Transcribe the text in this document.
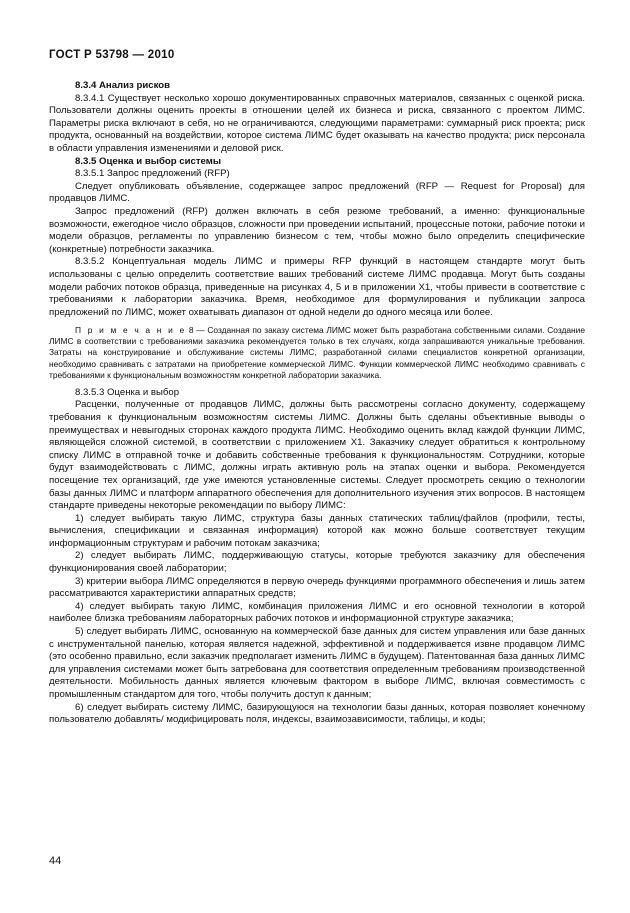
ГОСТ Р 53798 — 2010

8.3.4 Анализ рисков

8.3.4.1 Существует несколько хорошо документированных справочных материалов, связанных с оценкой риска. Пользователи должны оценить проекты в отношении целей их бизнеса и риска, связанного с проектом ЛИМС. Параметры риска включают в себя, но не ограничиваются, следующими параметрами: суммарный риск проекта; риск продукта, основанный на воздействии, которое система ЛИМС будет оказывать на качество продукта; риск персонала в области управления изменениями и деловой риск.

8.3.5 Оценка и выбор системы

8.3.5.1 Запрос предложений (RFP)

Следует опубликовать объявление, содержащее запрос предложений (RFP — Request for Proposal) для продавцов ЛИМС.

Запрос предложений (RFP) должен включать в себя резюме требований, а именно: функциональные возможности, ежегодное число образцов, сложности при проведении испытаний, процессные потоки, рабочие потоки и модели образцов, регламенты по управлению бизнесом с тем, чтобы можно было определить специфические (конкретные) потребности заказчика.

8.3.5.2 Концептуальная модель ЛИМС и примеры RFP функций в настоящем стандарте могут быть использованы с целью определить соответствие ваших требований системе ЛИМС продавца. Могут быть созданы модели рабочих потоков образца, приведенные на рисунках 4, 5 и в приложении Х1, чтобы привести в соответствие с требованиями к лаборатории заказчика. Время, необходимое для формулирования и публикации запроса предложений по ЛИМС, может охватывать диапазон от одной недели до одного месяца или более.

П р и м е ч а н и е 8 — Созданная по заказу система ЛИМС может быть разработана собственными силами. Создание ЛИМС в соответствии с требованиями заказчика рекомендуется только в тех случаях, когда запрашиваются уникальные требования. Затраты на конструирование и обслуживание системы ЛИМС, разработанной силами специалистов конкретной организации, необходимо сравнивать с затратами на приобретение коммерческой ЛИМС. Функции коммерческой ЛИМС необходимо сравнивать с требованиями к функциональным возможностям конкретной лаборатории заказчика.

8.3.5.3 Оценка и выбор

Расценки, полученные от продавцов ЛИМС, должны быть рассмотрены согласно документу, содержащему требования к функциональным возможностям системы ЛИМС. Должны быть сделаны объективные выводы о преимуществах и невыгодных сторонах каждого продукта ЛИМС. Необходимо оценить вклад каждой функции ЛИМС, являющейся сложной системой, в соответствии с приложением Х1. Заказчику следует обратиться к контрольному списку ЛИМС в отправной точке и добавить собственные требования к функциональностям. Сотрудники, которые будут взаимодействовать с ЛИМС, должны играть активную роль на этапах оценки и выбора. Рекомендуется посещение тех организаций, где уже имеются установленные системы. Следует просмотреть секцию о технологии базы данных ЛИМС и платформ аппаратного обеспечения для дополнительного изучения этих вопросов. В настоящем стандарте приведены некоторые рекомендации по выбору ЛИМС:

1) следует выбирать такую ЛИМС, структура базы данных статических таблиц/файлов (профили, тесты, вычисления, спецификации и связанная информация) которой как можно больше соответствует текущим информационным структурам и рабочим потокам заказчика;

2) следует выбирать ЛИМС, поддерживающую статусы, которые требуются заказчику для обеспечения функционирования своей лаборатории;

3) критерии выбора ЛИМС определяются в первую очередь функциями программного обеспечения и лишь затем рассматриваются характеристики аппаратных средств;

4) следует выбирать такую ЛИМС, комбинация приложения ЛИМС и его основной технологии в которой наиболее близка требованиям лабораторных рабочих потоков и информационной структуре заказчика;

5) следует выбирать ЛИМС, основанную на коммерческой базе данных для систем управления или базе данных с инструментальной панелью, которая является надежной, эффективной и поддерживается извне продавцом ЛИМС (это особенно правильно, если заказчик предполагает изменить ЛИМС в будущем). Патентованная база данных ЛИМС для управления системами может быть затребована для соответствия определенным требованиям производственной деятельности. Мобильность данных является ключевым фактором в выборе ЛИМС, включая совместимость с промышленным стандартом для того, чтобы получить доступ к данным;

6) следует выбирать систему ЛИМС, базирующуюся на технологии базы данных, которая позволяет конечному пользователю добавлять/ модифицировать поля, индексы, взаимозависимости, таблицы, и коды;

44
